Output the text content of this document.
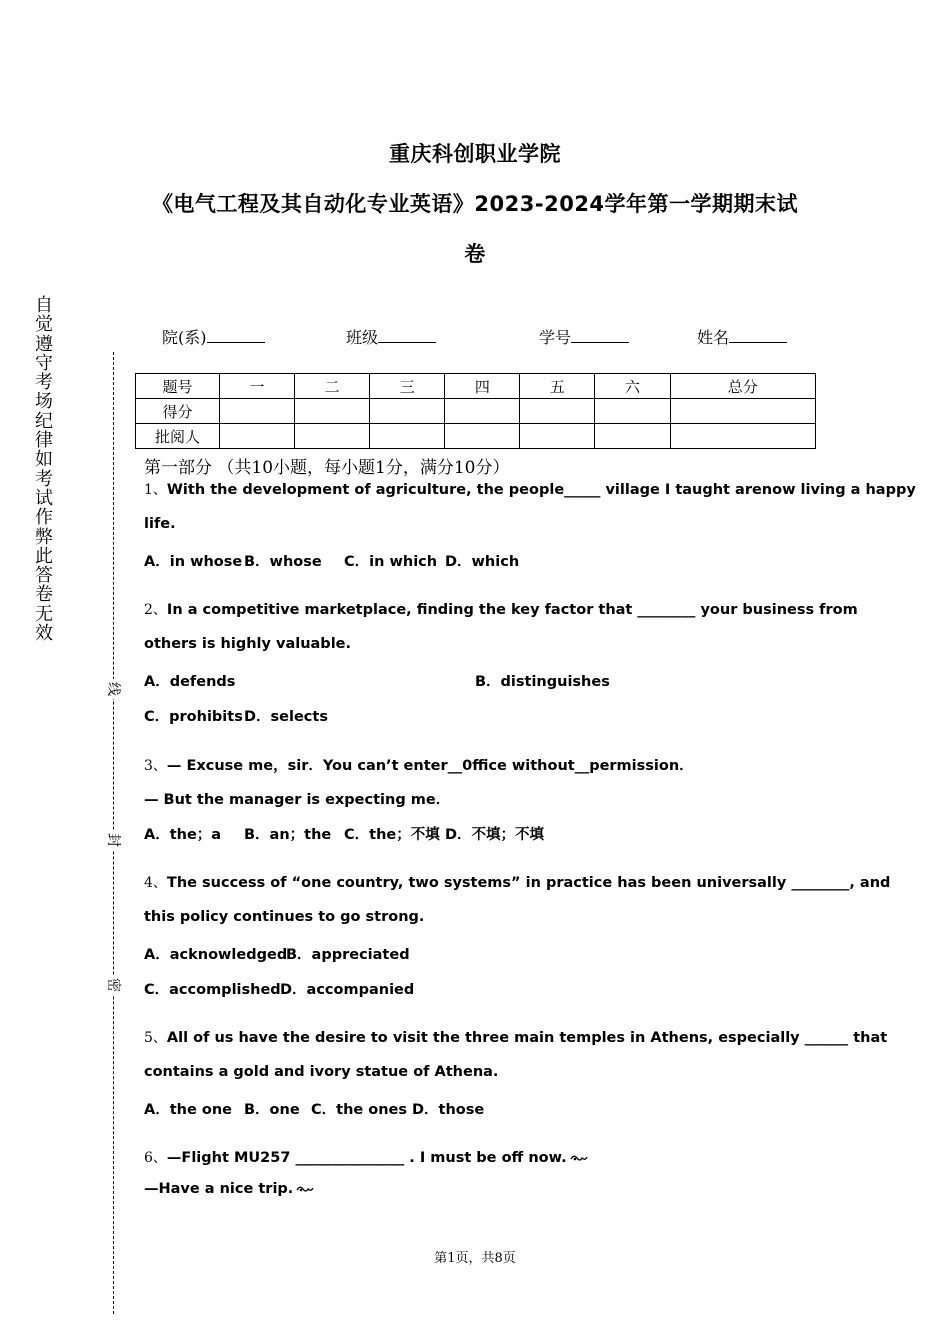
重庆科创职业学院
《电气工程及其自动化专业英语》2023-2024学年第一学期期末试
卷
自觉遵守考场纪律如考试作弊此答卷无效
线
封
密
院(系)	班级	学号	姓名
题号	一	二	三	四	五	六	总分
得分							
批阅人							
第一部分 （共10小题，每小题1分，满分10分）
1、With the development of agriculture, the people_____ village I taught arenow living a happy
life.
A．in whose B．whose C．in which D．which
2、In a competitive marketplace, finding the key factor that ________ your business from
others is highly valuable.
A．defends	B．distinguishes
C．prohibits D．selects
3、— Excuse me，sir．You can’t enter__0ffice without__permission．
— But the manager is expecting me．
A．the；a B．an；the C．the；不填 D．不填；不填
4、The success of “one country, two systems” in practice has been universally ________, and
this policy continues to go strong.
A．acknowledged
B．appreciated
C．accomplished D．accompanied
5、All of us have the desire to visit the three main temples in Athens, especially ______ that
contains a gold and ivory statue of Athena.
A．the one B．one C．the ones D．those
6、—Flight MU257 _______________ . I must be off now.
—Have a nice trip.
第1页，共8页
